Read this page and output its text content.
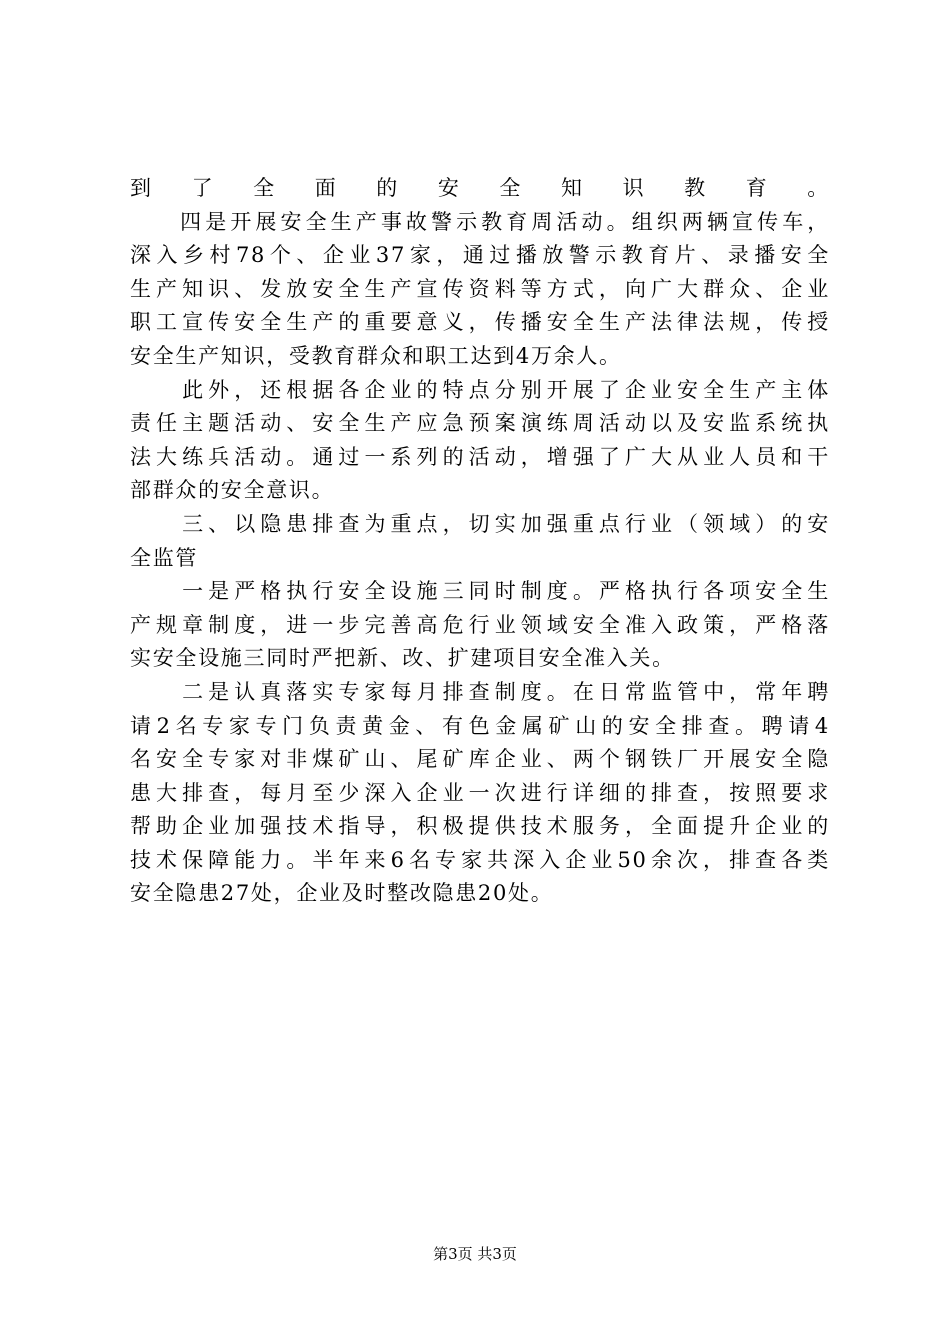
到了全面的安全知识教育。
　　四是开展安全生产事故警示教育周活动。组织两辆宣传车，
深入乡村78个、企业37家，通过播放警示教育片、录播安全
生产知识、发放安全生产宣传资料等方式，向广大群众、企业
职工宣传安全生产的重要意义，传播安全生产法律法规，传授
安全生产知识，受教育群众和职工达到4万余人。
　　此外，还根据各企业的特点分别开展了企业安全生产主体
责任主题活动、安全生产应急预案演练周活动以及安监系统执
法大练兵活动。通过一系列的活动，增强了广大从业人员和干
部群众的安全意识。
　　三、以隐患排查为重点，切实加强重点行业（领域）的安
全监管
　　一是严格执行安全设施三同时制度。严格执行各项安全生
产规章制度，进一步完善高危行业领域安全准入政策，严格落
实安全设施三同时严把新、改、扩建项目安全准入关。
　　二是认真落实专家每月排查制度。在日常监管中，常年聘
请2名专家专门负责黄金、有色金属矿山的安全排查。聘请4
名安全专家对非煤矿山、尾矿库企业、两个钢铁厂开展安全隐
患大排查，每月至少深入企业一次进行详细的排查，按照要求
帮助企业加强技术指导，积极提供技术服务，全面提升企业的
技术保障能力。半年来6名专家共深入企业50余次，排查各类
安全隐患27处，企业及时整改隐患20处。
第3页 共3页
